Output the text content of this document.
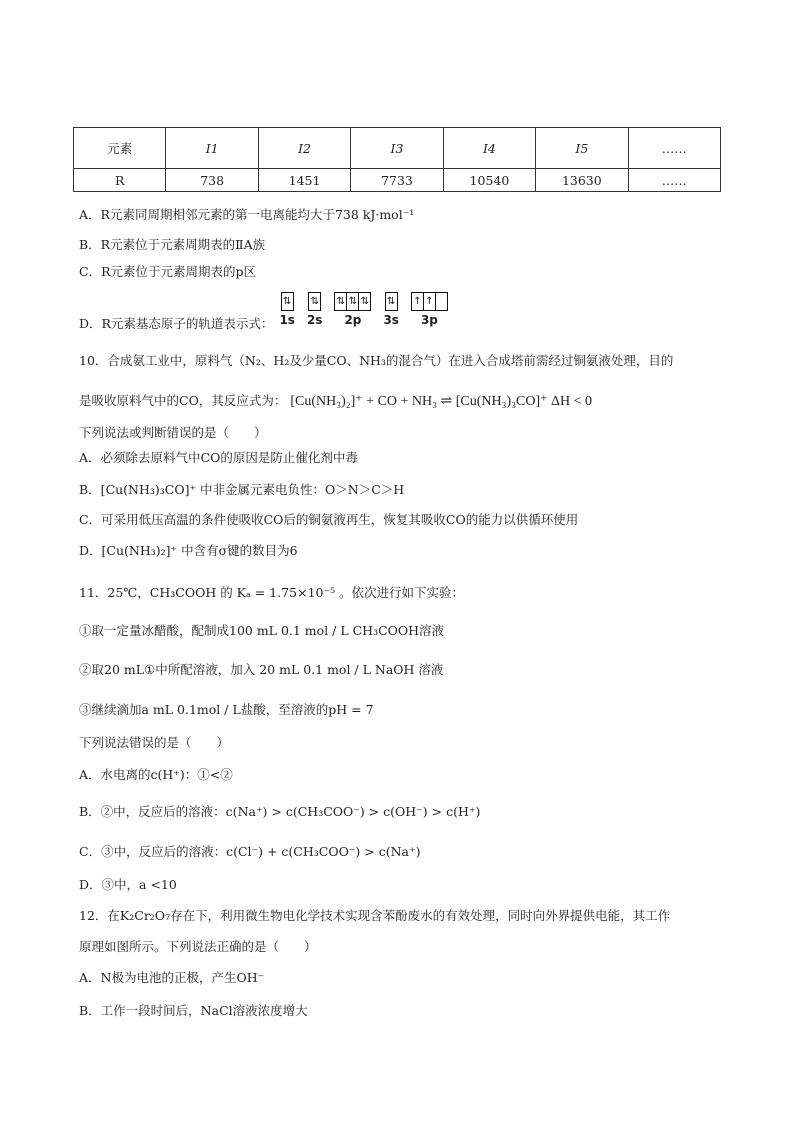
元素	I1	I2	I3	I4	I5	……
R	738	1451	7733	10540	13630	……
A．R元素同周期相邻元素的第一电离能均大于738 kJ·mol⁻¹
B．R元素位于元素周期表的ⅡA族
C．R元素位于元素周期表的p区
D．R元素基态原子的轨道表示式：
⇅
1s
⇅
2s
⇅ ⇅ ⇅
2p
⇅
3s
↑ ↑
3p
10．合成氨工业中，原料气（N₂、H₂及少量CO、NH₃的混合气）在进入合成塔前需经过铜氨液处理，目的
是吸收原料气中的CO，其反应式为： [Cu(NH₃)₂]⁺ + CO + NH₃ ⇌ [Cu(NH₃)₃CO]⁺ ΔH < 0
下列说法或判断错误的是（　　）
A．必须除去原料气中CO的原因是防止催化剂中毒
B．[Cu(NH₃)₃CO]⁺ 中非金属元素电负性：O＞N＞C＞H
C．可采用低压高温的条件使吸收CO后的铜氨液再生，恢复其吸收CO的能力以供循环使用
D．[Cu(NH₃)₂]⁺ 中含有σ键的数目为6
11．25℃，CH₃COOH 的 Kₐ = 1.75×10⁻⁵ 。依次进行如下实验：
①取一定量冰醋酸，配制成100 mL 0.1 mol / L CH₃COOH溶液
②取20 mL①中所配溶液，加入 20 mL 0.1 mol / L NaOH 溶液
③继续滴加a mL 0.1mol / L盐酸，至溶液的pH = 7
下列说法错误的是（　　）
A．水电离的c(H⁺)：①<②
B．②中，反应后的溶液：c(Na⁺) > c(CH₃COO⁻) > c(OH⁻) > c(H⁺)
C．③中，反应后的溶液：c(Cl⁻) + c(CH₃COO⁻) > c(Na⁺)
D．③中，a <10
12．在K₂Cr₂O₇存在下，利用微生物电化学技术实现含苯酚废水的有效处理，同时向外界提供电能，其工作
原理如图所示。下列说法正确的是（　　）
A．N极为电池的正极，产生OH⁻
B．工作一段时间后，NaCl溶液浓度增大
